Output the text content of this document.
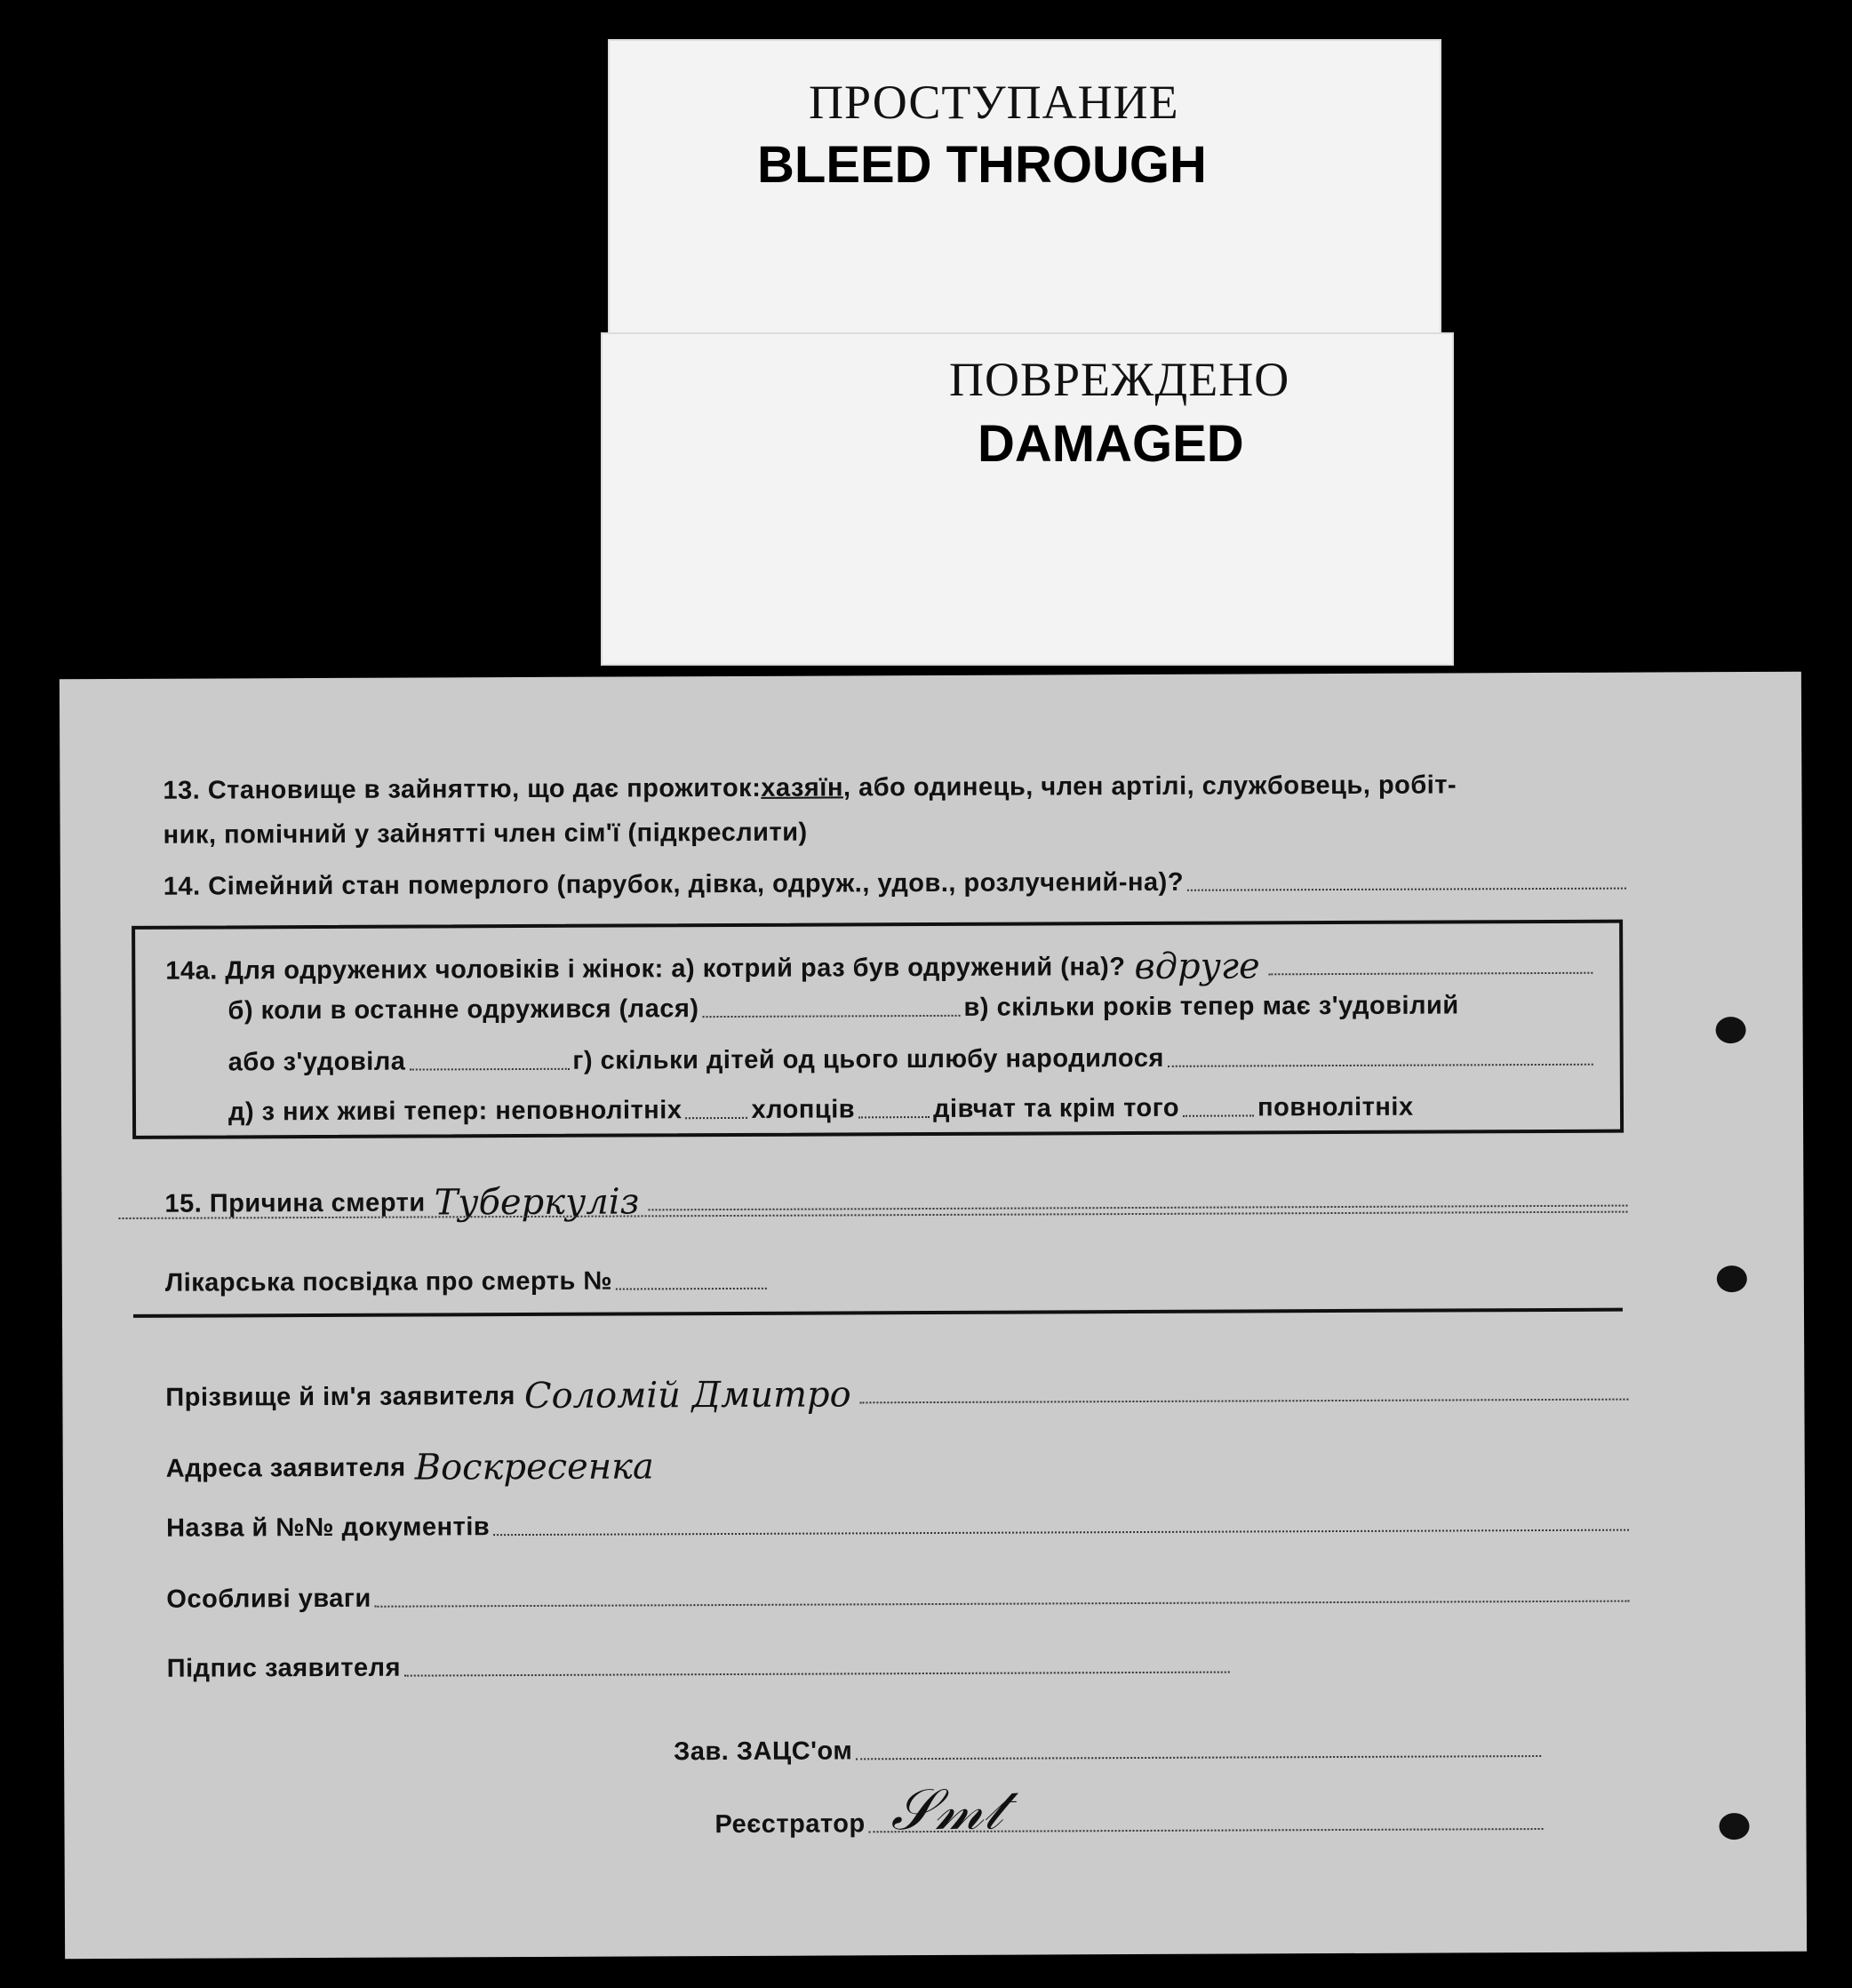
ПРОСТУПАНИЕ
BLEED THROUGH
ПОВРЕЖДЕНО
DAMAGED
13. Становище в зайняттю, що дає прожиток: хазяїн , або одинець, член артілі, службовець, робіт-
ник, помічний у зайнятті член сім'ї (підкреслити)
14. Сімейний стан померлого (парубок, дівка, одруж., удов., розлучений-на)?
14а. Для одружених чоловіків і жінок: а) котрий раз був одружений (на)? вдруге
б) коли в останне одружився (лася)	в) скільки років тепер має з'удовілий
або з'удовіла	г) скільки дітей од цього шлюбу народилося
д) з них живі тепер: неповнолітніх	хлопців	дівчат та крім того	повнолітніх
15. Причина смерти Туберкуліз
Лікарська посвідка про смерть №
Прізвище й ім'я заявителя Соломій Дмитро
Адреса заявителя Воскресенка
Назва й №№ документів
Особливі уваги
Підпис заявителя
Зав. ЗАЦС'ом
Реєстратор 𝒮𝓂𝓉
